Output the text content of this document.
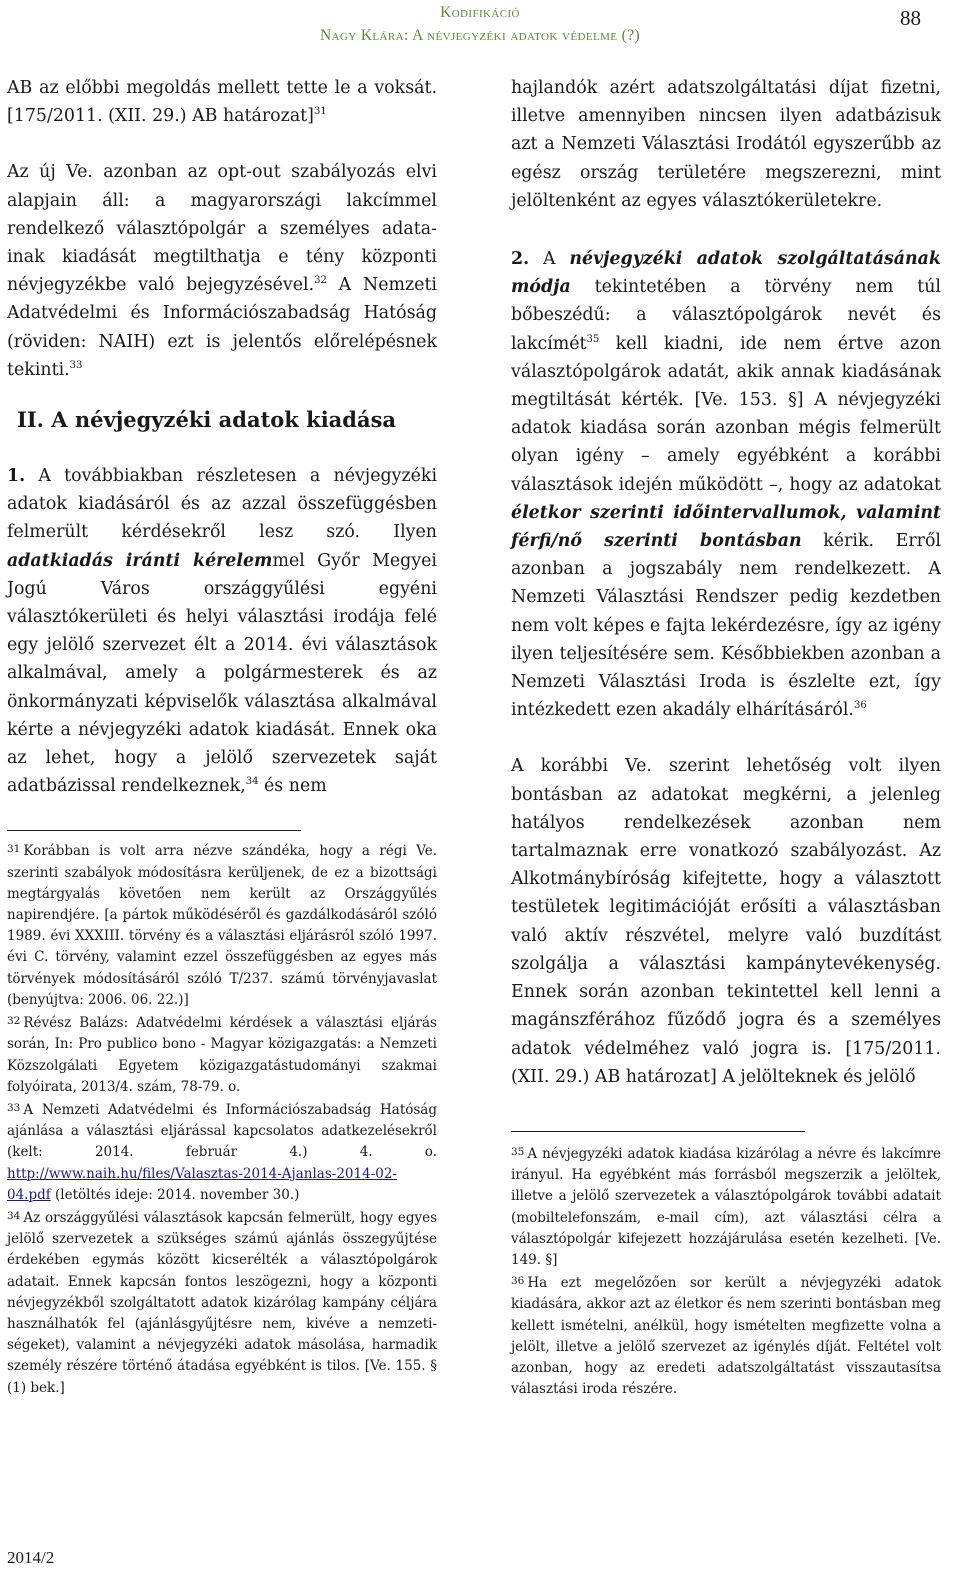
Kodifikáció
Nagy Klára: A névjegyzéki adatok védelme (?)
88

AB az előbbi megoldás mellett tette le a voksát. [175/2011. (XII. 29.) AB határozat]$^{31}$

Az új Ve. azonban az opt-out szabályozás elvi alapjain áll: a magyarországi lakcímmel rendelkező választópolgár a személyes adatainak kiadását megtilthatja e tény központi névjegyzékbe való bejegyzésével.$^{32}$ A Nemzeti Adatvédelmi és Információszabadság Hatóság (röviden: NAIH) ezt is jelentős előrelépésnek tekinti.$^{33}$

II. A névjegyzéki adatok kiadása

1. A továbbiakban részletesen a névjegyzéki adatok kiadásáról és az azzal összefüggésben felmerült kérdésekről lesz szó. Ilyen adatkiadás iránti kérelemmel Győr Megyei Jogú Város országgyűlési egyéni választókerületi és helyi választási irodája felé egy jelölő szervezet élt a 2014. évi választások alkalmával, amely a polgármesterek és az önkormányzati képviselők választása alkalmával kérte a névjegyzéki adatok kiadását. Ennek oka az lehet, hogy a jelölő szervezetek saját adatbázissal rendelkeznek,$^{34}$ és nem

$^{31}$ Korábban is volt arra nézve szándéka, hogy a régi Ve. szerinti szabályok módosításra kerüljenek, de ez a bizottsági megtárgyalás követően nem került az Országgyűlés napirendjére. [a pártok működéséről és gazdálkodásáról szóló 1989. évi XXXIII. törvény és a választási eljárásról szóló 1997. évi C. törvény, valamint ezzel összefüggésben az egyes más törvények módosításáról szóló T/237. számú törvényjavaslat (benyújtva: 2006. 06. 22.)]

$^{32}$ Révész Balázs: Adatvédelmi kérdések a választási eljárás során, In: Pro publico bono - Magyar közigazgatás: a Nemzeti Közszolgálati Egyetem közigazgatástudományi szakmai folyóirata, 2013/4. szám, 78-79. o.

$^{33}$ A Nemzeti Adatvédelmi és Információszabadság Hatóság ajánlása a választási eljárással kapcsolatos adatkezelésekről (kelt: 2014. február 4.) 4. o. http://www.naih.hu/files/Valasztas-2014-Ajanlas-2014-02-04.pdf (letöltés ideje: 2014. november 30.)

$^{34}$ Az országgyűlési választások kapcsán felmerült, hogy egyes jelölő szervezetek a szükséges számú ajánlás összegyűjtése érdekében egymás között kicserélték a választópolgárok adatait. Ennek kapcsán fontos leszögezni, hogy a központi névjegyzékből szolgáltatott adatok kizárólag kampány céljára használhatók fel (ajánlásgyűjtésre nem, kivéve a nemzetiségeket), valamint a névjegyzéki adatok másolása, harmadik személy részére történő átadása egyébként is tilos. [Ve. 155. § (1) bek.]

hajlandók azért adatszolgáltatási díjat fizetni, illetve amennyiben nincsen ilyen adatbázisuk azt a Nemzeti Választási Irodától egyszerűbb az egész ország területére megszerezni, mint jelöltenként az egyes választókerületekre.

2. A névjegyzéki adatok szolgáltatásának módja tekintetében a törvény nem túl bőbeszédű: a választópolgárok nevét és lakcímét$^{35}$ kell kiadni, ide nem értve azon választópolgárok adatát, akik annak kiadásának megtiltását kérték. [Ve. 153. §] A névjegyzéki adatok kiadása során azonban mégis felmerült olyan igény – amely egyébként a korábbi választások idején működött –, hogy az adatokat életkor szerinti időintervallumok, valamint férfi/nő szerinti bontásban kérik. Erről azonban a jogszabály nem rendelkezett. A Nemzeti Választási Rendszer pedig kezdetben nem volt képes e fajta lekérdezésre, így az igény ilyen teljesítésére sem. Későbbiekben azonban a Nemzeti Választási Iroda is észlelte ezt, így intézkedett ezen akadály elhárításáról.$^{36}$

A korábbi Ve. szerint lehetőség volt ilyen bontásban az adatokat megkérni, a jelenleg hatályos rendelkezések azonban nem tartalmaznak erre vonatkozó szabályozást. Az Alkotmánybíróság kifejtette, hogy a választott testületek legitimációját erősíti a választásban való aktív részvétel, melyre való buzdítást szolgálja a választási kampánytevékenység. Ennek során azonban tekintettel kell lenni a magánszférához fűződő jogra és a személyes adatok védelméhez való jogra is. [175/2011. (XII. 29.) AB határozat] A jelölteknek és jelölő

$^{35}$ A névjegyzéki adatok kiadása kizárólag a névre és lakcímre irányul. Ha egyébként más forrásból megszerzik a jelöltek, illetve a jelölő szervezetek a választópolgárok további adatait (mobiltelefonszám, e-mail cím), azt választási célra a választópolgár kifejezett hozzájárulása esetén kezelheti. [Ve. 149. §]

$^{36}$ Ha ezt megelőzően sor került a névjegyzéki adatok kiadására, akkor azt az életkor és nem szerinti bontásban meg kellett ismételni, anélkül, hogy ismételten megfizette volna a jelölt, illetve a jelölő szervezet az igénylés díját. Feltétel volt azonban, hogy az eredeti adatszolgáltatást visszautasítsa választási iroda részére.

2014/2
